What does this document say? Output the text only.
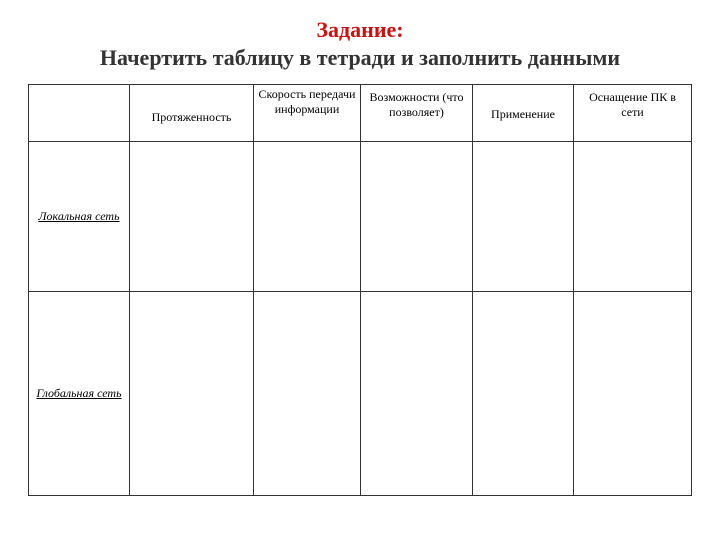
Задание:
Начертить таблицу в тетради и заполнить данными

	Протяженность	Скорость передачи информации	Возможности (что позволяет)	Применение	Оснащение ПК в сети

Локальная сеть					
Глобальная сеть					
